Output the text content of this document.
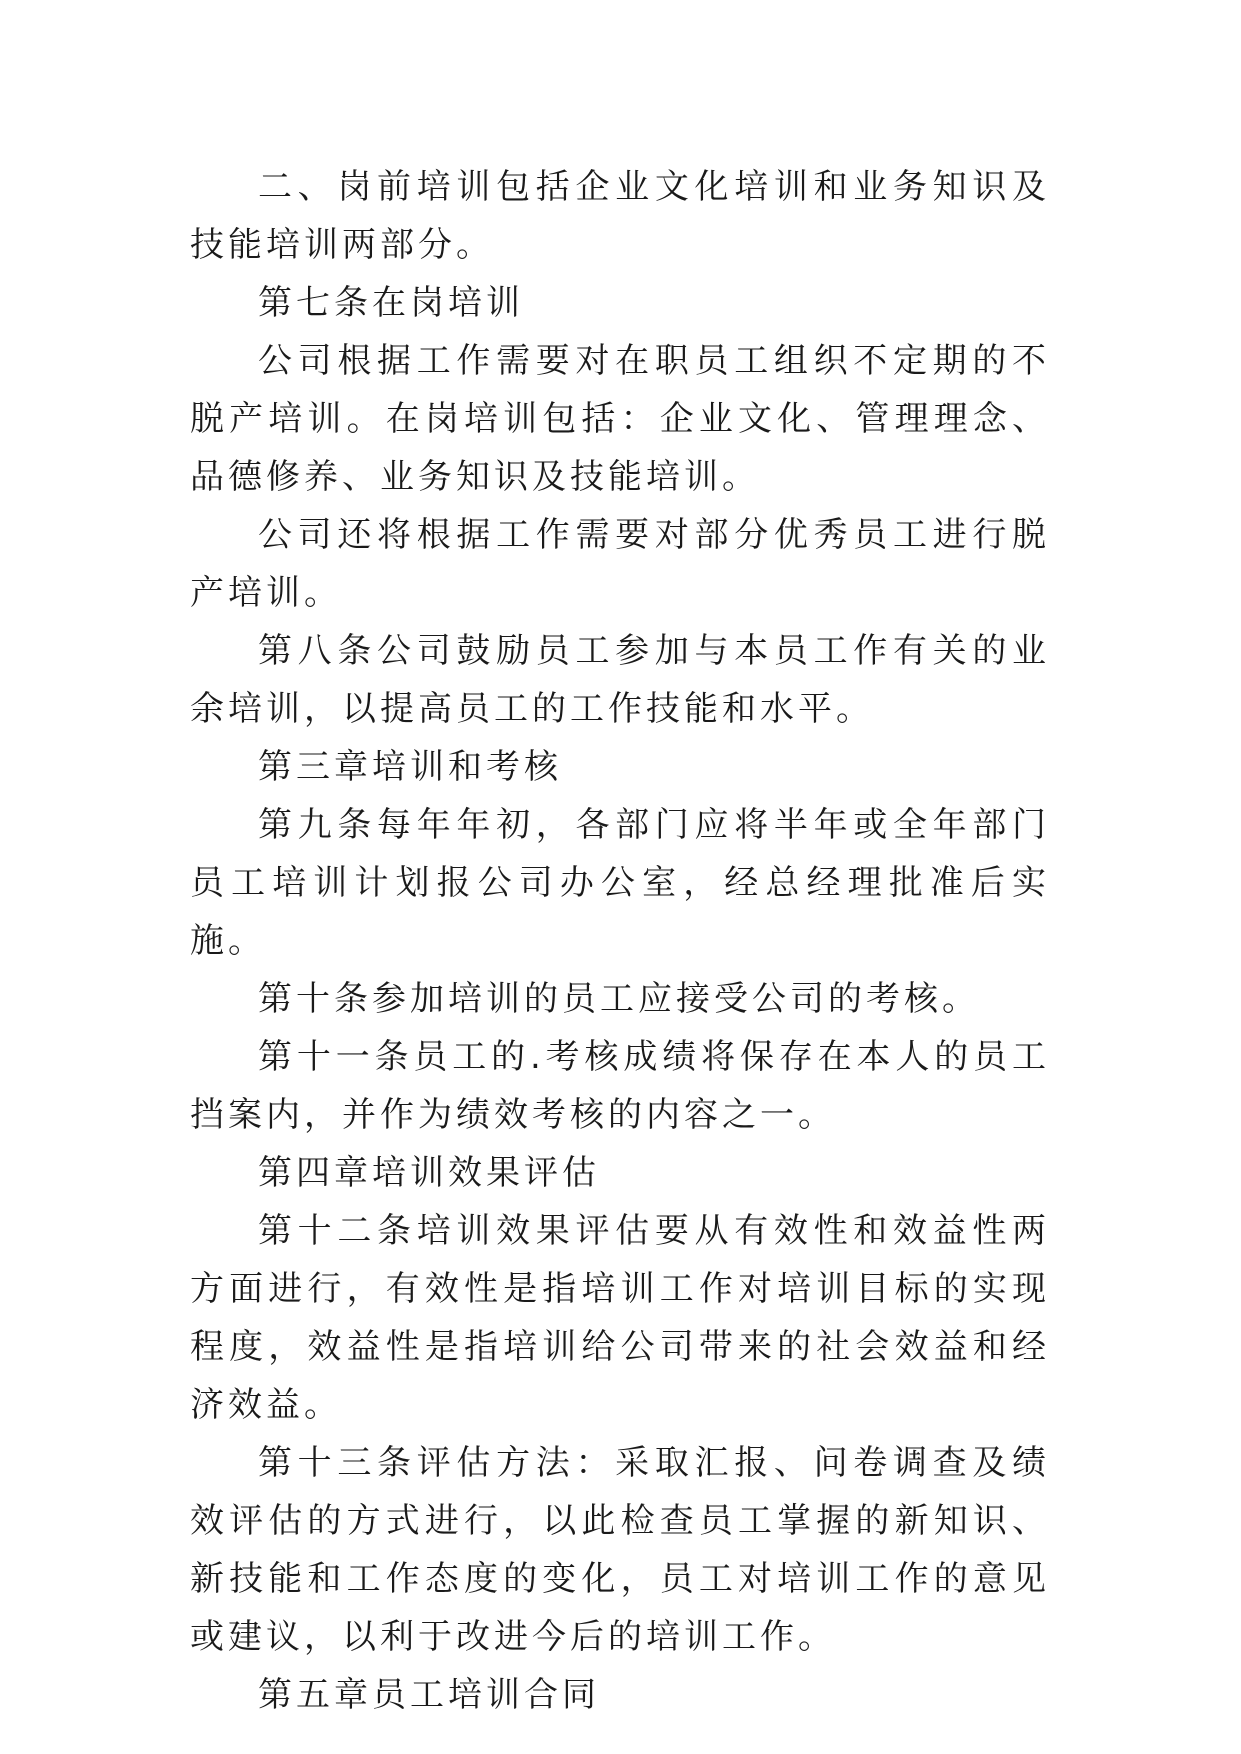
二、岗前培训包括企业文化培训和业务知识及技能培训两部分。

第七条在岗培训

公司根据工作需要对在职员工组织不定期的不脱产培训。在岗培训包括：企业文化、管理理念、品德修养、业务知识及技能培训。

公司还将根据工作需要对部分优秀员工进行脱产培训。

第八条公司鼓励员工参加与本员工作有关的业余培训，以提高员工的工作技能和水平。

第三章培训和考核

第九条每年年初，各部门应将半年或全年部门员工培训计划报公司办公室，经总经理批准后实施。

第十条参加培训的员工应接受公司的考核。

第十一条员工的.考核成绩将保存在本人的员工挡案内，并作为绩效考核的内容之一。

第四章培训效果评估

第十二条培训效果评估要从有效性和效益性两方面进行，有效性是指培训工作对培训目标的实现程度，效益性是指培训给公司带来的社会效益和经济效益。

第十三条评估方法：采取汇报、问卷调查及绩效评估的方式进行，以此检查员工掌握的新知识、新技能和工作态度的变化，员工对培训工作的意见或建议，以利于改进今后的培训工作。

第五章员工培训合同
